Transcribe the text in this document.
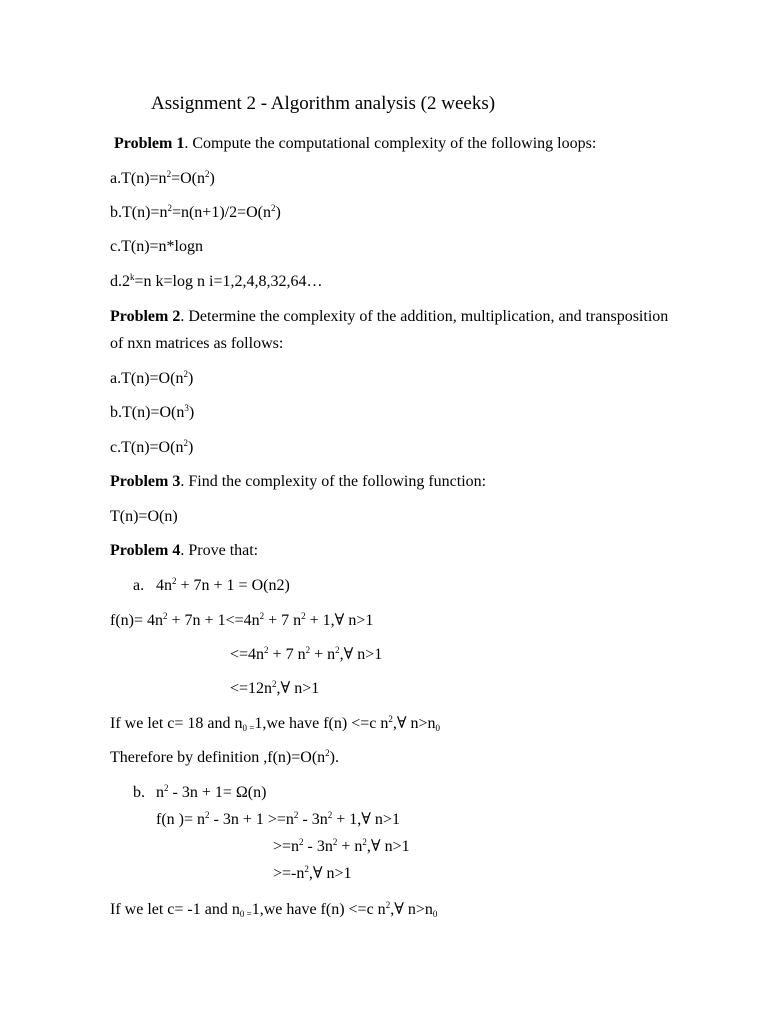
Assignment 2 - Algorithm analysis (2 weeks)
Problem 1. Compute the computational complexity of the following loops:
$a.T(n)=n^2=O(n^2)$
$b.T(n)=n^2=n(n+1)/2=O(n^2)$
c.T(n)=n*logn
$d.2^k=n$ k=log n i=1,2,4,8,32,64…
Problem 2. Determine the complexity of the addition, multiplication, and transposition
of nxn matrices as follows:
$a.T(n)=O(n^2)$
$b.T(n)=O(n^3)$
$c.T(n)=O(n^2)$
Problem 3. Find the complexity of the following function:
T(n)=O(n)
Problem 4. Prove that:
a. $4n^2 + 7n + 1 = O(n2)$
$f(n)= 4n^2 + 7n + 1<=4n^2 + 7$ $n^2$ + 1,∀ n>1
$<=4n^2 + 7$ $n^2$ + $n^2,\forall$ n>1
$<=12n^2,\forall$ n>1
If we let c= 18 and $n_{0 =}1,we$ have f(n) <=c $n^2,\forall$ $n>n_0$
Therefore by definition $,f(n)=O(n^2)$.
b. $n^2 - 3n + 1= \Omega(n)$
f(n )= $n^2 - 3n + 1 >=n^2 - 3n^2$ + 1,∀ n>1
$>=n^2 - 3n^2$ + $n^2,\forall$ n>1
$>=-n^2,\forall$ n>1
If we let c= -1 and $n_{0 =}1,we$ have f(n) <=c $n^2,\forall$ $n>n_0$
